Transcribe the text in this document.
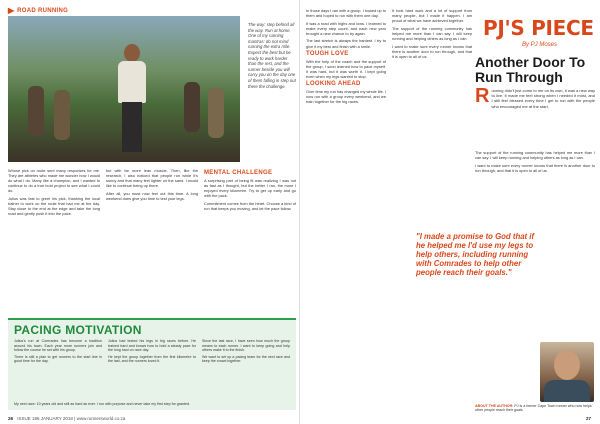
▶ ROAD RUNNING
The way: step behind all the way. Run at home. One of my running mantras: do not mind running the extra mile. Expect the best but be ready to work harder than the rest, and the runner beside you will carry you on the day one of them falling in step out there the challenge.

Whose pick on route sent many responses for me. They are athletes who made me wonder how I would do what I do. Many like a champion, and I wanted to continue to do a true bold project to see what I could do.

Julius was fast to greet his pick, thanking the local trainer to work on the route that had me at the day. Stay close to the end at the edge and take the long road and gently push it into the pace.

but with far more lean muscle. Then, like the research, I also noticed that people run while it's sunny and that many feel lighter on the sand. I would like to continue being up there.

After all, you must now feel out this time. A long weekend does give you time to test your legs.

MENTAL CHALLENGE

A surprising part of being fit was realizing I was not as fast as I thought, but the better I ran, the more I enjoyed every kilometre. Try to get up early and go with the pack.

Commitment comes from the heart. Choose a kind of run that keeps you moving, and let the pace follow.

PACING MOTIVATION

Julius's run at Comrades has become a tradition around his town. Each year more runners join and follow the course he set with his group.

There is still a plan to get runners to the start line in good time for the day.

Julius had tested his legs in big races before. He trained hard and knows how to hold a steady pace for the long haul on race day.

He kept the group together from the first kilometre to the last, and the runners loved it.

Since the last race, I have seen how much the group means to each runner. I want to keep going and help others make it to the finish.

We want to set up a pacing team for the next race and keep the crowd together.

My next race: 10 years old and still as hard as ever. I run with purpose and never take my first step for granted.
26 ISSUE 186 JANUARY 2018 | www.runnersworld.co.za

In those days I ran with a group. I looked up to them and hoped to run with them one day.

It was a road with highs and lows. I learned to make every step count, and each new year brought a new chance to try again.

The last stretch is always the hardest. I try to give it my best and finish with a smile.

TOUGH LOVE

With the help of the coach and the support of the group, I soon learned how to pace myself. It was hard, but it was worth it. I kept going even when my legs wanted to stop.

LOOKING AHEAD

Over time my run has changed my whole life. I now run with a group every weekend, and we train together for the big races.

It took hard work and a lot of support from many people, but I made it happen. I am proud of what we have achieved together.

The support of the running community has helped me more than I can say. I will keep running and helping others as long as I can.

I want to make sure every runner knows that there is another door to run through, and that it is open to all of us.

PJ'S PIECE
By PJ Moses
Another Door To Run Through
Running didn't just come to me on its own, it was a new way to live. It made me feel strong when I needed it most, and I still feel blessed every time I get to run with the people who encouraged me at the start.

The support of the running community has helped me more than I can say. I will keep running and helping others as long as I can.

I want to make sure every runner knows that there is another door to run through, and that it is open to all of us.

"I made a promise to God that if he helped me I'd use my legs to help others, including running with Comrades to help other people reach their goals."
ABOUT THE AUTHOR: PJ is a former Cape Town runner who now helps other people reach their goals.
27
